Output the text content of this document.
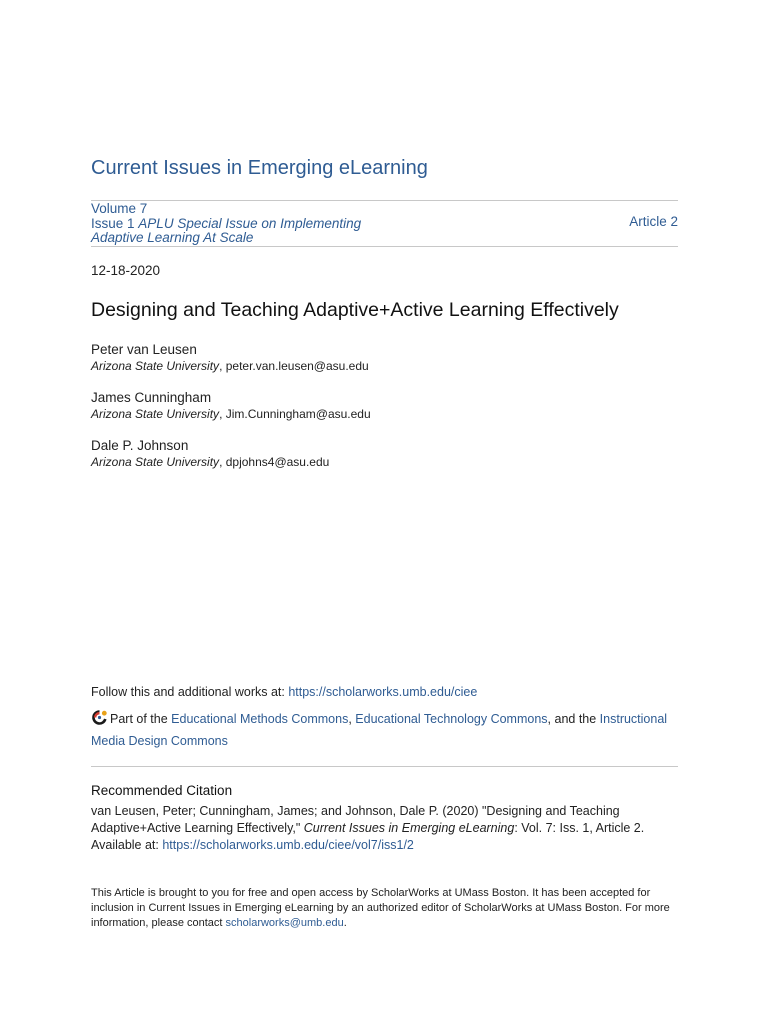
Current Issues in Emerging eLearning
Volume 7
Issue 1 APLU Special Issue on Implementing
Adaptive Learning At Scale
Article 2
12-18-2020
Designing and Teaching Adaptive+Active Learning Effectively
Peter van Leusen
Arizona State University, peter.van.leusen@asu.edu
James Cunningham
Arizona State University, Jim.Cunningham@asu.edu
Dale P. Johnson
Arizona State University, dpjohns4@asu.edu
Follow this and additional works at: https://scholarworks.umb.edu/ciee
Part of the Educational Methods Commons, Educational Technology Commons, and the Instructional Media Design Commons
Recommended Citation
van Leusen, Peter; Cunningham, James; and Johnson, Dale P. (2020) "Designing and Teaching Adaptive+Active Learning Effectively," Current Issues in Emerging eLearning: Vol. 7: Iss. 1, Article 2.
Available at: https://scholarworks.umb.edu/ciee/vol7/iss1/2
This Article is brought to you for free and open access by ScholarWorks at UMass Boston. It has been accepted for inclusion in Current Issues in Emerging eLearning by an authorized editor of ScholarWorks at UMass Boston. For more information, please contact scholarworks@umb.edu.
